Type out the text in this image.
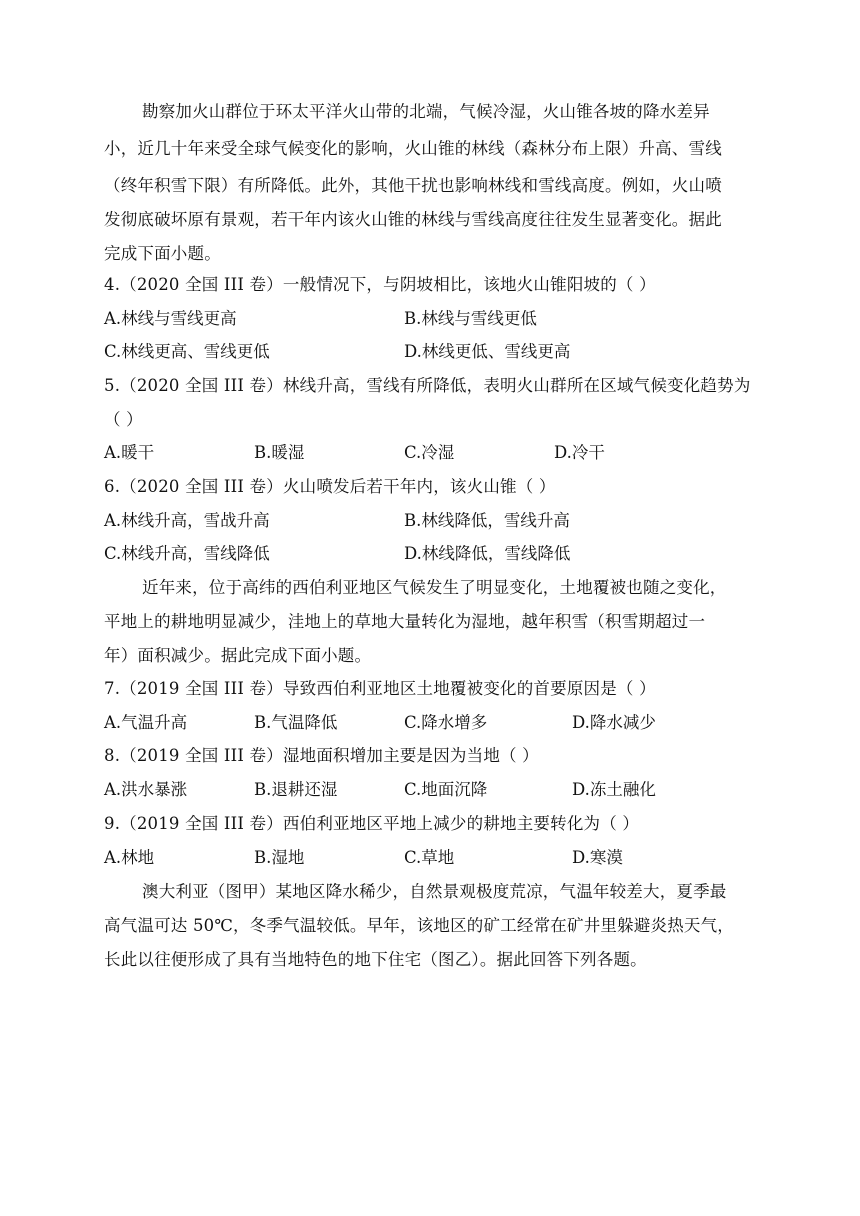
勘察加火山群位于环太平洋火山带的北端，气候冷湿，火山锥各坡的降水差异
小，近几十年来受全球气候变化的影响，火山锥的林线（森林分布上限）升高、雪线
（终年积雪下限）有所降低。此外，其他干扰也影响林线和雪线高度。例如，火山喷
发彻底破坏原有景观，若干年内该火山锥的林线与雪线高度往往发生显著变化。据此
完成下面小题。
4.（2020 全国 III 卷）一般情况下，与阴坡相比，该地火山锥阳坡的（ ）
A.林线与雪线更高	B.林线与雪线更低
C.林线更高、雪线更低	D.林线更低、雪线更高
5.（2020 全国 III 卷）林线升高，雪线有所降低，表明火山群所在区域气候变化趋势为
（ ）
A.暖干	B.暖湿	C.冷湿	D.冷干
6.（2020 全国 III 卷）火山喷发后若干年内，该火山锥（ ）
A.林线升高，雪战升高	B.林线降低，雪线升高
C.林线升高，雪线降低	D.林线降低，雪线降低
近年来，位于高纬的西伯利亚地区气候发生了明显变化，土地覆被也随之变化，
平地上的耕地明显减少，洼地上的草地大量转化为湿地，越年积雪（积雪期超过一
年）面积减少。据此完成下面小题。
7.（2019 全国 III 卷）导致西伯利亚地区土地覆被变化的首要原因是（ ）
A.气温升高	B.气温降低	C.降水增多	D.降水减少
8.（2019 全国 III 卷）湿地面积增加主要是因为当地（ ）
A.洪水暴涨	B.退耕还湿	C.地面沉降	D.冻土融化
9.（2019 全国 III 卷）西伯利亚地区平地上减少的耕地主要转化为（ ）
A.林地	B.湿地	C.草地	D.寒漠
澳大利亚（图甲）某地区降水稀少，自然景观极度荒凉，气温年较差大，夏季最
高气温可达 50℃，冬季气温较低。早年，该地区的矿工经常在矿井里躲避炎热天气，
长此以往便形成了具有当地特色的地下住宅（图乙）。据此回答下列各题。
